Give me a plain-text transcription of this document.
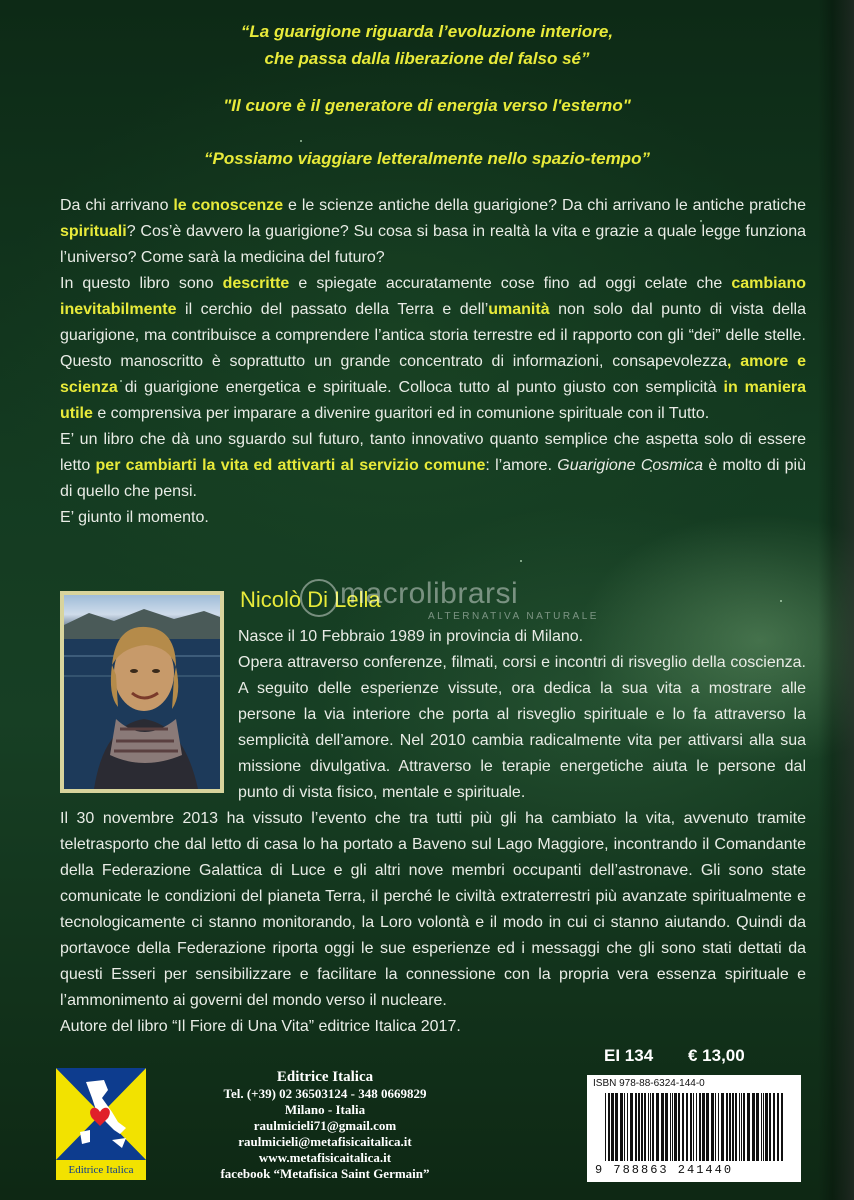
“La guarigione riguarda l’evoluzione interiore,
che passa dalla liberazione del falso sé”
"Il cuore è il generatore di energia verso l'esterno"
“Possiamo viaggiare letteralmente nello spazio-tempo”

Da chi arrivano le conoscenze e le scienze antiche della guarigione? Da chi arrivano le antiche pratiche spirituali? Cos’è davvero la guarigione? Su cosa si basa in realtà la vita e grazie a quale legge funziona l’universo? Come sarà la medicina del futuro?

In questo libro sono descritte e spiegate accuratamente cose fino ad oggi celate che cambiano inevitabilmente il cerchio del passato della Terra e dell’umanità non solo dal punto di vista della guarigione, ma contribuisce a comprendere l’antica storia terrestre ed il rapporto con gli “dei” delle stelle. Questo manoscritto è soprattutto un grande concentrato di informazioni, consapevolezza, amore e scienza di guarigione energetica e spirituale. Colloca tutto al punto giusto con semplicità in maniera utile e comprensiva per imparare a divenire guaritori ed in comunione spirituale con il Tutto.

E’ un libro che dà uno sguardo sul futuro, tanto innovativo quanto semplice che aspetta solo di essere letto per cambiarti la vita ed attivarti al servizio comune: l’amore. Guarigione Cosmica è molto di più di quello che pensi.

E’ giunto il momento.

Nicolò Di Lella
macrolibrarsi
ALTERNATIVA NATURALE

Nasce il 10 Febbraio 1989 in provincia di Milano.

Opera attraverso conferenze, filmati, corsi e incontri di risveglio della coscienza. A seguito delle esperienze vissute, ora dedica la sua vita a mostrare alle persone la via interiore che porta al risveglio spirituale e lo fa attraverso la semplicità dell’amore. Nel 2010 cambia radicalmente vita per attivarsi alla sua missione divulgativa. Attraverso le terapie energetiche aiuta le persone dal punto di vista fisico, mentale e spirituale.

Il 30 novembre 2013 ha vissuto l’evento che tra tutti più gli ha cambiato la vita, avvenuto tramite teletrasporto che dal letto di casa lo ha portato a Baveno sul Lago Maggiore, incontrando il Comandante della Federazione Galattica di Luce e gli altri nove membri occupanti dell’astronave. Gli sono state comunicate le condizioni del pianeta Terra, il perché le civiltà extraterrestri più avanzate spiritualmente e tecnologicamente ci stanno monitorando, la Loro volontà e il modo in cui ci stanno aiutando. Quindi da portavoce della Federazione riporta oggi le sue esperienze ed i messaggi che gli sono stati dettati da questi Esseri per sensibilizzare e facilitare la connessione con la propria vera essenza spirituale e l’ammonimento ai governi del mondo verso il nucleare.

Autore del libro “Il Fiore di Una Vita” editrice Italica 2017.

EI 134 € 13,00
ISBN 978-88-6324-144-0
9 788863 241440
Editrice Italica
Editrice Italica
Tel. (+39) 02 36503124 - 348 0669829
Milano - Italia
raulmicieli71@gmail.com
raulmicieli@metafisicaitalica.it
www.metafisicaitalica.it
facebook “Metafisica Saint Germain”
